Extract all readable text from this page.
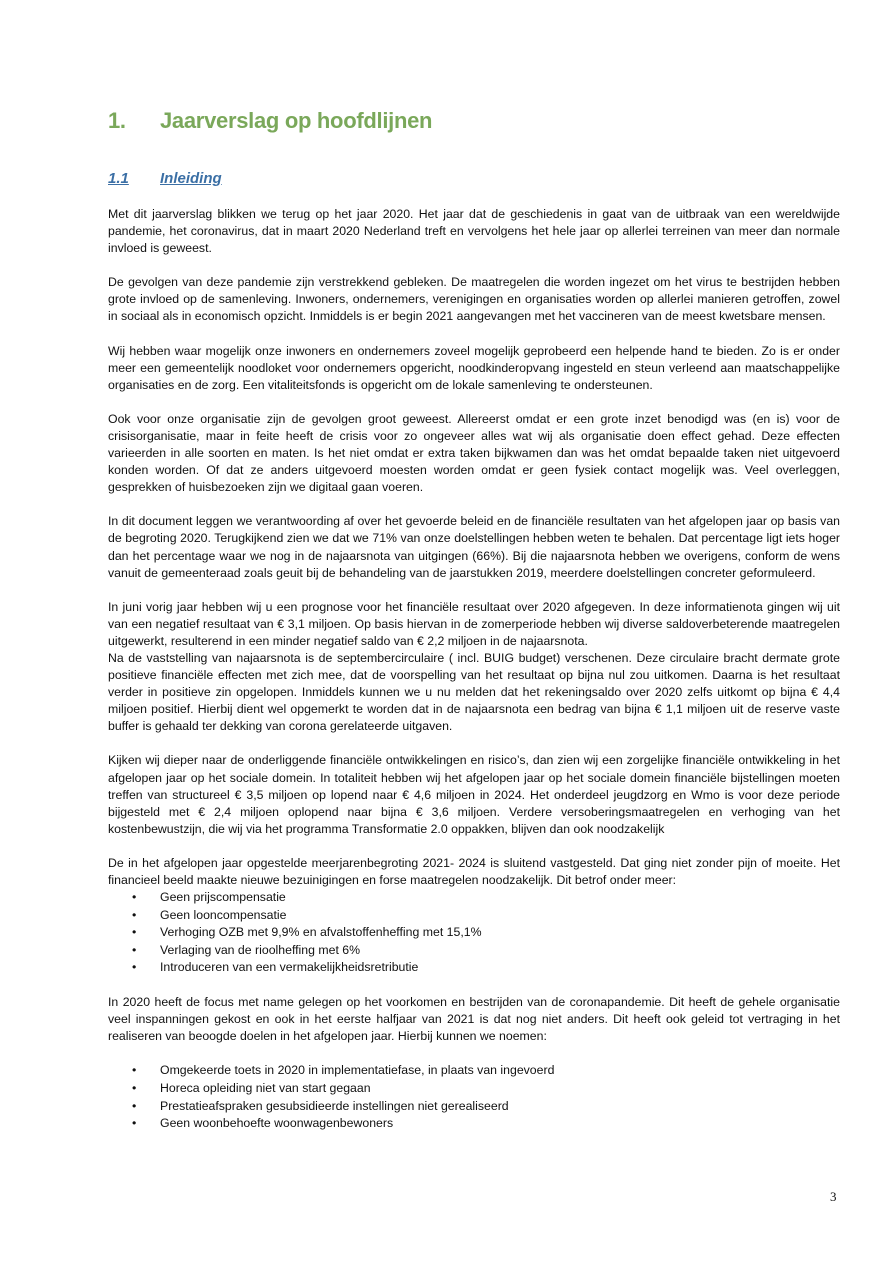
1.	Jaarverslag op hoofdlijnen
1.1	Inleiding

Met dit jaarverslag blikken we terug op het jaar 2020. Het jaar dat de geschiedenis in gaat van de uitbraak van een wereldwijde pandemie, het coronavirus, dat in maart 2020 Nederland treft en vervolgens het hele jaar op allerlei terreinen van meer dan normale invloed is geweest.

De gevolgen van deze pandemie zijn verstrekkend gebleken. De maatregelen die worden ingezet om het virus te bestrijden hebben grote invloed op de samenleving. Inwoners, ondernemers, verenigingen en organisaties worden op allerlei manieren getroffen, zowel in sociaal als in economisch opzicht. Inmiddels is er begin 2021 aangevangen met het vaccineren van de meest kwetsbare mensen.

Wij hebben waar mogelijk onze inwoners en ondernemers zoveel mogelijk geprobeerd een helpende hand te bieden. Zo is er onder meer een gemeentelijk noodloket voor ondernemers opgericht, noodkinderopvang ingesteld en steun verleend aan maatschappelijke organisaties en de zorg. Een vitaliteitsfonds is opgericht om de lokale samenleving te ondersteunen.

Ook voor onze organisatie zijn de gevolgen groot geweest. Allereerst omdat er een grote inzet benodigd was (en is) voor de crisisorganisatie, maar in feite heeft de crisis voor zo ongeveer alles wat wij als organisatie doen effect gehad. Deze effecten varieerden in alle soorten en maten. Is het niet omdat er extra taken bijkwamen dan was het omdat bepaalde taken niet uitgevoerd konden worden. Of dat ze anders uitgevoerd moesten worden omdat er geen fysiek contact mogelijk was. Veel overleggen, gesprekken of huisbezoeken zijn we digitaal gaan voeren.

In dit document leggen we verantwoording af over het gevoerde beleid en de financiële resultaten van het afgelopen jaar op basis van de begroting 2020. Terugkijkend zien we dat we 71% van onze doelstellingen hebben weten te behalen. Dat percentage ligt iets hoger dan het percentage waar we nog in de najaarsnota van uitgingen (66%). Bij die najaarsnota hebben we overigens, conform de wens vanuit de gemeenteraad zoals geuit bij de behandeling van de jaarstukken 2019, meerdere doelstellingen concreter geformuleerd.

In juni vorig jaar hebben wij u een prognose voor het financiële resultaat over 2020 afgegeven. In deze informatienota gingen wij uit van een negatief resultaat van € 3,1 miljoen. Op basis hiervan in de zomerperiode hebben wij diverse saldoverbeterende maatregelen uitgewerkt, resulterend in een minder negatief saldo van € 2,2 miljoen in de najaarsnota.

Na de vaststelling van najaarsnota is de septembercirculaire ( incl. BUIG budget) verschenen. Deze circulaire bracht dermate grote positieve financiële effecten met zich mee, dat de voorspelling van het resultaat op bijna nul zou uitkomen. Daarna is het resultaat verder in positieve zin opgelopen. Inmiddels kunnen we u nu melden dat het rekeningsaldo over 2020 zelfs uitkomt op bijna € 4,4 miljoen positief. Hierbij dient wel opgemerkt te worden dat in de najaarsnota een bedrag van bijna € 1,1 miljoen uit de reserve vaste buffer is gehaald ter dekking van corona gerelateerde uitgaven.

Kijken wij dieper naar de onderliggende financiële ontwikkelingen en risico’s, dan zien wij een zorgelijke financiële ontwikkeling in het afgelopen jaar op het sociale domein. In totaliteit hebben wij het afgelopen jaar op het sociale domein financiële bijstellingen moeten treffen van structureel € 3,5 miljoen op lopend naar € 4,6 miljoen in 2024. Het onderdeel jeugdzorg en Wmo is voor deze periode bijgesteld met € 2,4 miljoen oplopend naar bijna € 3,6 miljoen. Verdere versoberingsmaatregelen en verhoging van het kostenbewustzijn, die wij via het programma Transformatie 2.0 oppakken, blijven dan ook noodzakelijk

De in het afgelopen jaar opgestelde meerjarenbegroting 2021- 2024 is sluitend vastgesteld. Dat ging niet zonder pijn of moeite. Het financieel beeld maakte nieuwe bezuinigingen en forse maatregelen noodzakelijk. Dit betrof onder meer:

• Geen prijscompensatie
• Geen looncompensatie
• Verhoging OZB met 9,9% en afvalstoffenheffing met 15,1%
• Verlaging van de rioolheffing met 6%
• Introduceren van een vermakelijkheidsretributie

In 2020 heeft de focus met name gelegen op het voorkomen en bestrijden van de coronapandemie. Dit heeft de gehele organisatie veel inspanningen gekost en ook in het eerste halfjaar van 2021 is dat nog niet anders. Dit heeft ook geleid tot vertraging in het realiseren van beoogde doelen in het afgelopen jaar. Hierbij kunnen we noemen:

• Omgekeerde toets in 2020 in implementatiefase, in plaats van ingevoerd
• Horeca opleiding niet van start gegaan
• Prestatieafspraken gesubsidieerde instellingen niet gerealiseerd
• Geen woonbehoefte woonwagenbewoners
3
